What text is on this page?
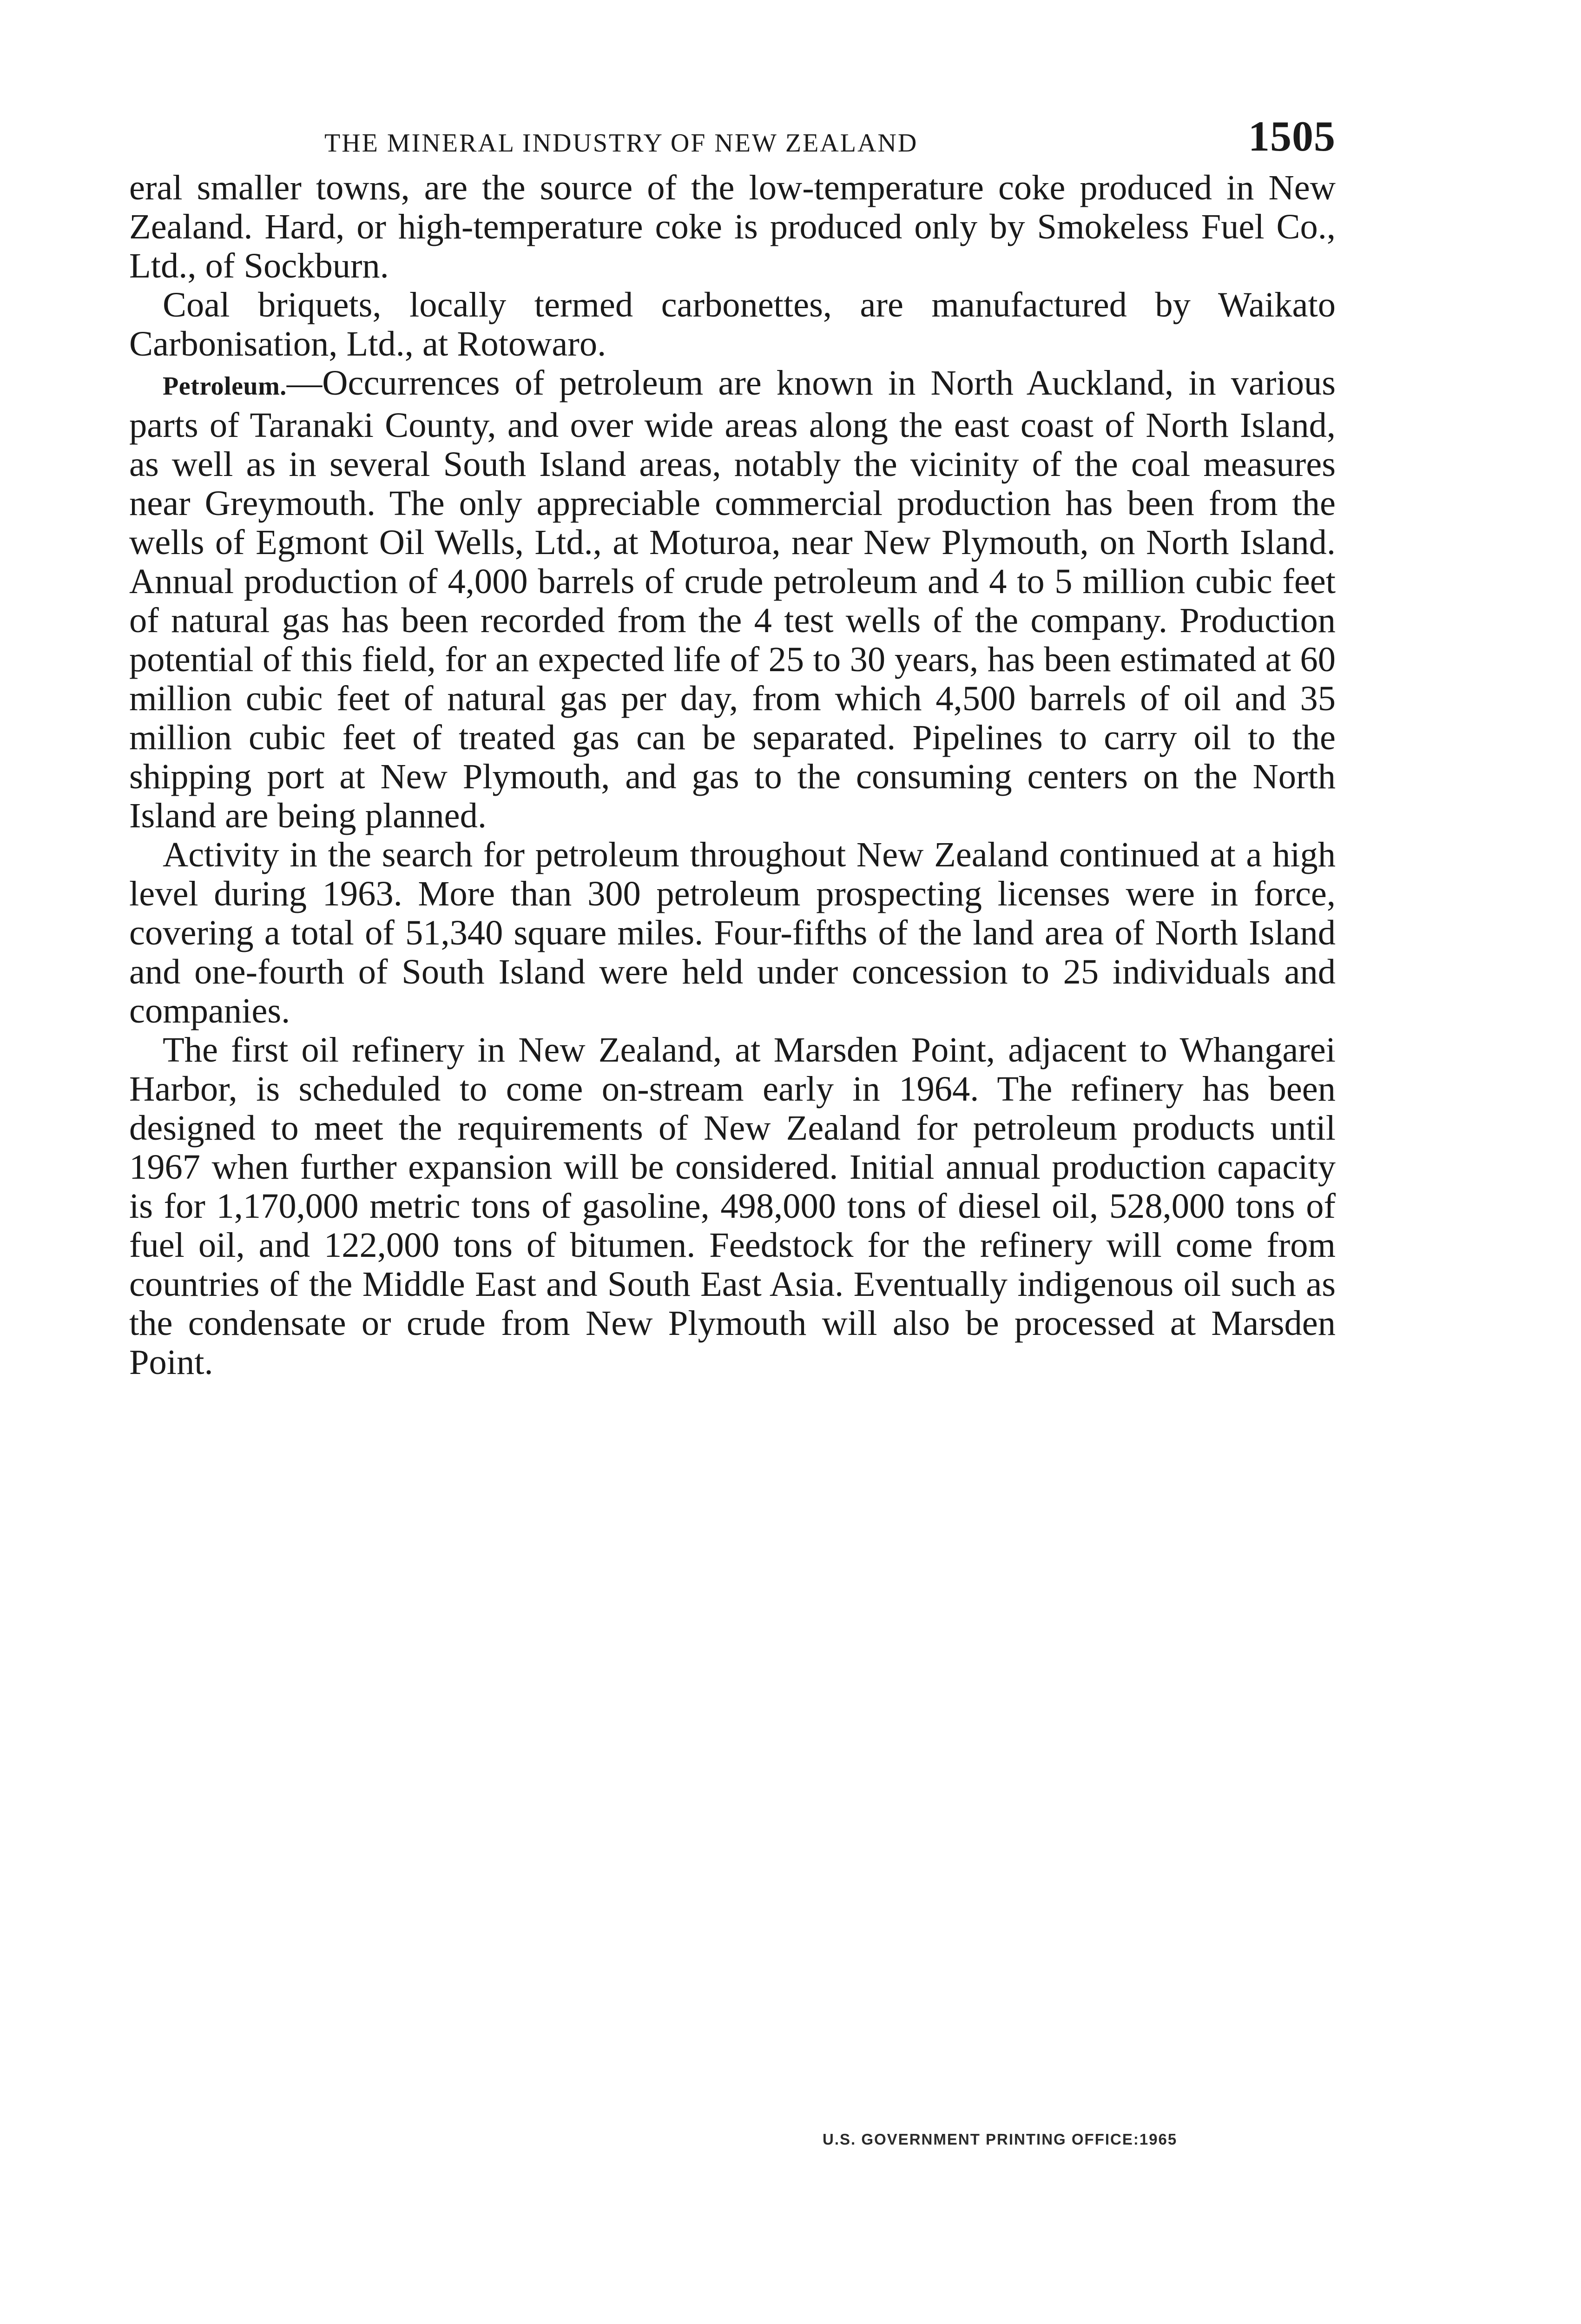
THE MINERAL INDUSTRY OF NEW ZEALAND	1505

eral smaller towns, are the source of the low-temperature coke produced in New Zealand. Hard, or high-temperature coke is produced only by Smokeless Fuel Co., Ltd., of Sockburn.

Coal briquets, locally termed carbonettes, are manufactured by Waikato Carbonisation, Ltd., at Rotowaro.

Petroleum.—Occurrences of petroleum are known in North Auckland, in various parts of Taranaki County, and over wide areas along the east coast of North Island, as well as in several South Island areas, notably the vicinity of the coal measures near Greymouth. The only appreciable commercial production has been from the wells of Egmont Oil Wells, Ltd., at Moturoa, near New Plymouth, on North Island. Annual production of 4,000 barrels of crude petroleum and 4 to 5 million cubic feet of natural gas has been recorded from the 4 test wells of the company. Production potential of this field, for an expected life of 25 to 30 years, has been estimated at 60 million cubic feet of natural gas per day, from which 4,500 barrels of oil and 35 million cubic feet of treated gas can be separated. Pipelines to carry oil to the shipping port at New Plymouth, and gas to the consuming centers on the North Island are being planned.

Activity in the search for petroleum throughout New Zealand continued at a high level during 1963. More than 300 petroleum prospecting licenses were in force, covering a total of 51,340 square miles. Four-fifths of the land area of North Island and one-fourth of South Island were held under concession to 25 individuals and companies.

The first oil refinery in New Zealand, at Marsden Point, adjacent to Whangarei Harbor, is scheduled to come on-stream early in 1964. The refinery has been designed to meet the requirements of New Zealand for petroleum products until 1967 when further expansion will be considered. Initial annual production capacity is for 1,170,000 metric tons of gasoline, 498,000 tons of diesel oil, 528,000 tons of fuel oil, and 122,000 tons of bitumen. Feedstock for the refinery will come from countries of the Middle East and South East Asia. Eventually indigenous oil such as the condensate or crude from New Plymouth will also be processed at Marsden Point.

U.S. GOVERNMENT PRINTING OFFICE:1965
